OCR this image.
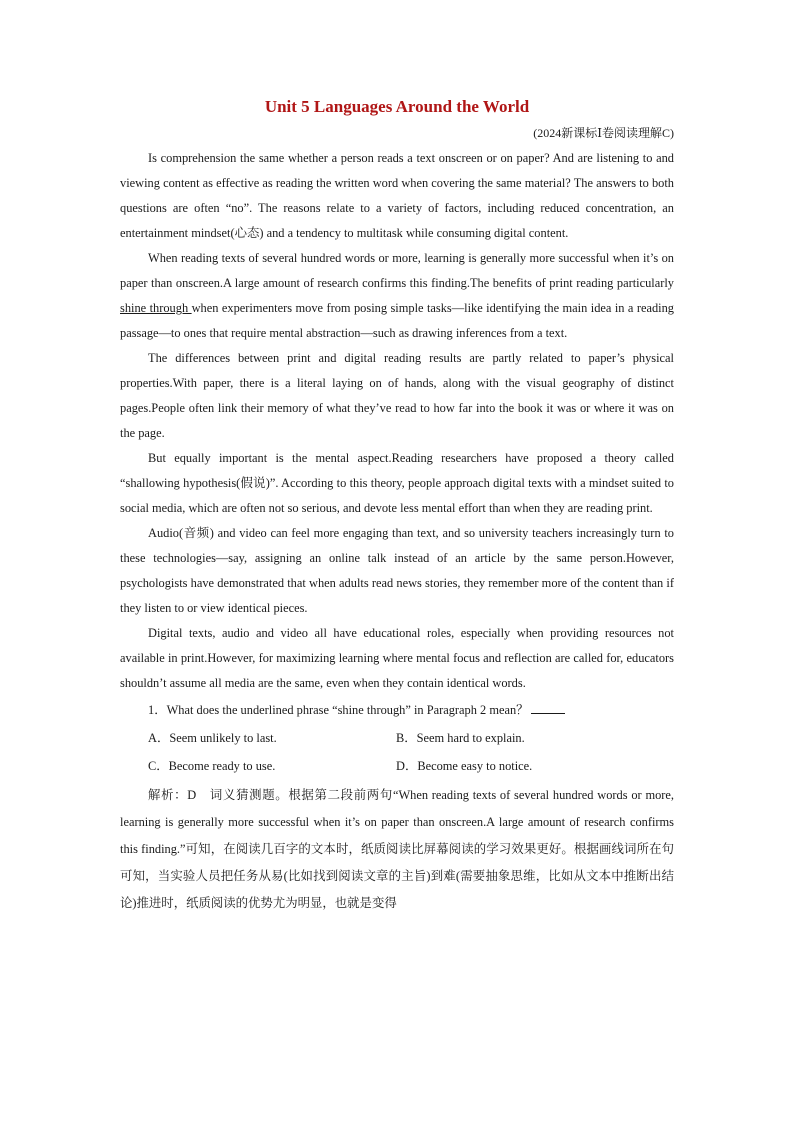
Unit 5 Languages Around the World

(2024新课标Ⅰ卷阅读理解C)

Is comprehension the same whether a person reads a text onscreen or on paper? And are listening to and viewing content as effective as reading the written word when covering the same material? The answers to both questions are often “no”. The reasons relate to a variety of factors, including reduced concentration, an entertainment mindset(心态) and a tendency to multitask while consuming digital content.

When reading texts of several hundred words or more, learning is generally more successful when it’s on paper than onscreen.A large amount of research confirms this finding.The benefits of print reading particularly shine through when experimenters move from posing simple tasks—like identifying the main idea in a reading passage—to ones that require mental abstraction—such as drawing inferences from a text.

The differences between print and digital reading results are partly related to paper’s physical properties.With paper, there is a literal laying on of hands, along with the visual geography of distinct pages.People often link their memory of what they’ve read to how far into the book it was or where it was on the page.

But equally important is the mental aspect.Reading researchers have proposed a theory called “shallowing hypothesis(假说)”. According to this theory, people approach digital texts with a mindset suited to social media, which are often not so serious, and devote less mental effort than when they are reading print.

Audio(音频) and video can feel more engaging than text, and so university teachers increasingly turn to these technologies—say, assigning an online talk instead of an article by the same person.However, psychologists have demonstrated that when adults read news stories, they remember more of the content than if they listen to or view identical pieces.

Digital texts, audio and video all have educational roles, especially when providing resources not available in print.However, for maximizing learning where mental focus and reflection are called for, educators shouldn’t assume all media are the same, even when they contain identical words.

1．What does the underlined phrase “shine through” in Paragraph 2 mean？

A．Seem unlikely to last.	B．Seem hard to explain.
C．Become ready to use.	D．Become easy to notice.

解析：D　词义猜测题。根据第二段前两句“When reading texts of several hundred words or more, learning is generally more successful when it’s on paper than onscreen.A large amount of research confirms this finding.”可知，在阅读几百字的文本时，纸质阅读比屏幕阅读的学习效果更好。根据画线词所在句可知，当实验人员把任务从易(比如找到阅读文章的主旨)到难(需要抽象思维，比如从文本中推断出结论)推进时，纸质阅读的优势尤为明显，也就是变得
